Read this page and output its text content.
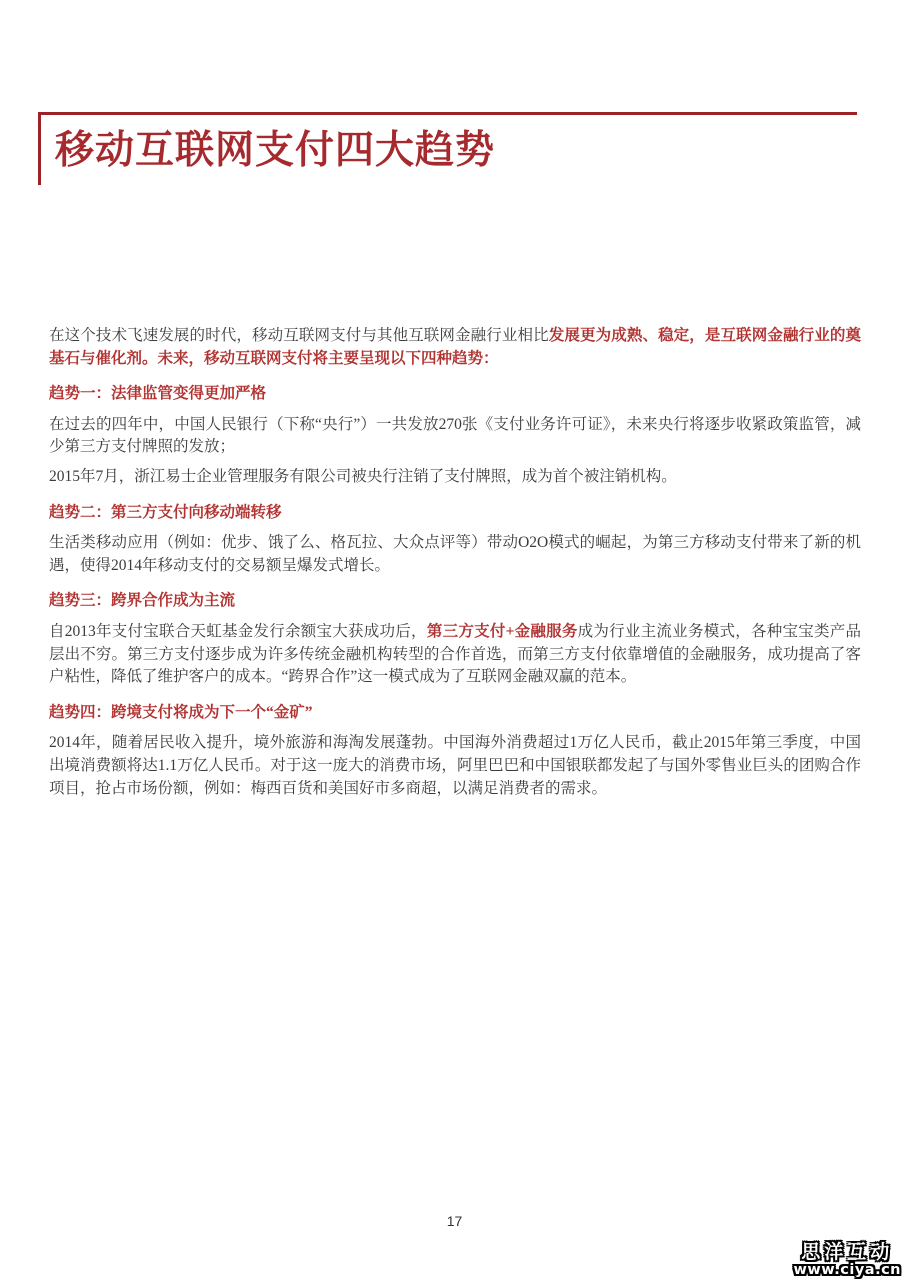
移动互联网支付四大趋势

在这个技术飞速发展的时代，移动互联网支付与其他互联网金融行业相比发展更为成熟、稳定，是互联网金融行业的奠基石与催化剂。未来，移动互联网支付将主要呈现以下四种趋势：

趋势一：法律监管变得更加严格

在过去的四年中，中国人民银行（下称“央行”）一共发放270张《支付业务许可证》，未来央行将逐步收紧政策监管，减少第三方支付牌照的发放；

2015年7月，浙江易士企业管理服务有限公司被央行注销了支付牌照，成为首个被注销机构。

趋势二：第三方支付向移动端转移

生活类移动应用（例如：优步、饿了么、格瓦拉、大众点评等）带动O2O模式的崛起，为第三方移动支付带来了新的机遇，使得2014年移动支付的交易额呈爆发式增长。

趋势三：跨界合作成为主流

自2013年支付宝联合天虹基金发行余额宝大获成功后，第三方支付+金融服务成为行业主流业务模式，各种宝宝类产品层出不穷。第三方支付逐步成为许多传统金融机构转型的合作首选，而第三方支付依靠增值的金融服务，成功提高了客户粘性，降低了维护客户的成本。“跨界合作”这一模式成为了互联网金融双赢的范本。

趋势四：跨境支付将成为下一个“金矿”

2014年，随着居民收入提升，境外旅游和海淘发展蓬勃。中国海外消费超过1万亿人民币，截止2015年第三季度，中国出境消费额将达1.1万亿人民币。对于这一庞大的消费市场，阿里巴巴和中国银联都发起了与国外零售业巨头的团购合作项目，抢占市场份额，例如：梅西百货和美国好市多商超，以满足消费者的需求。

17
思洋互动
www.ciya.cn
